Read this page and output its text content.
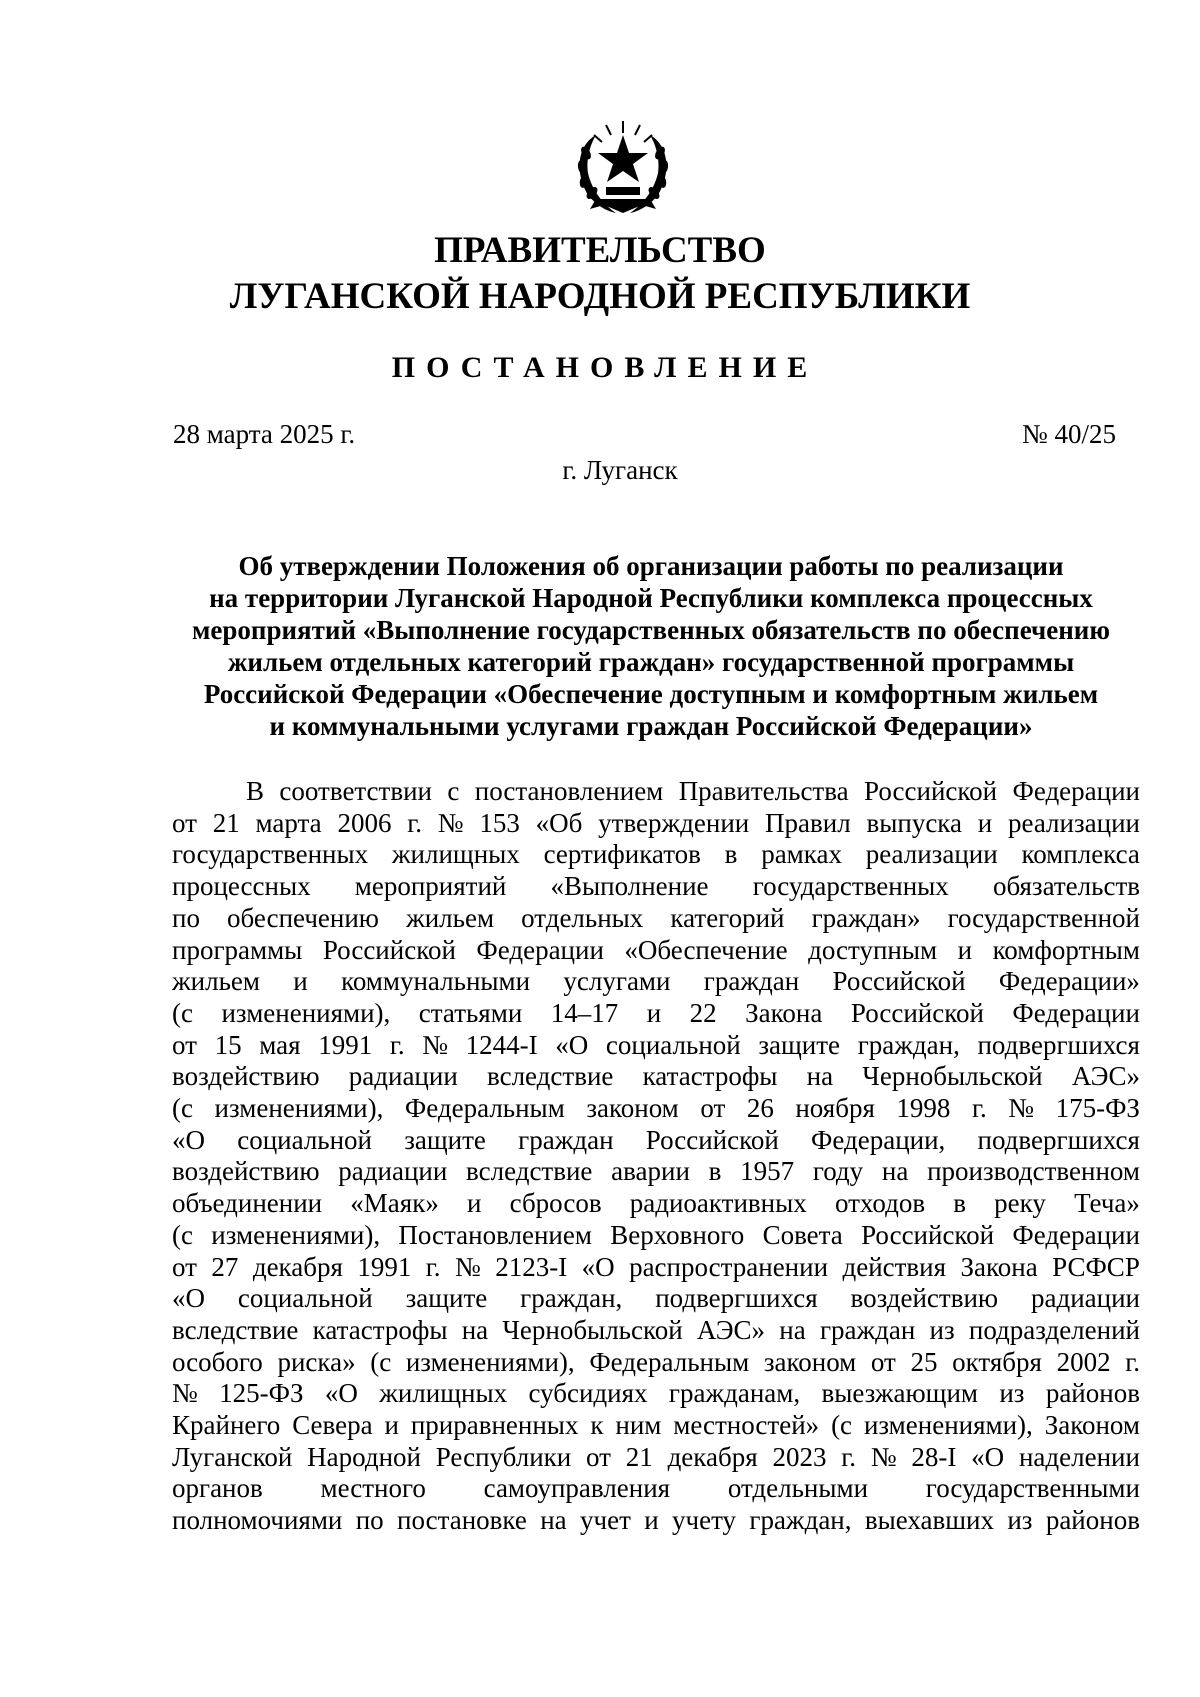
ПРАВИТЕЛЬСТВО
ЛУГАНСКОЙ НАРОДНОЙ РЕСПУБЛИКИ
ПОСТАНОВЛЕНИЕ
28 марта 2025 г.	№ 40/25
г. Луганск
Об утверждении Положения об организации работы по реализации
на территории Луганской Народной Республики комплекса процессных
мероприятий «Выполнение государственных обязательств по обеспечению
жильем отдельных категорий граждан» государственной программы
Российской Федерации «Обеспечение доступным и комфортным жильем
и коммунальными услугами граждан Российской Федерации»
В соответствии с постановлением Правительства Российской Федерации
от 21 марта 2006 г. № 153 «Об утверждении Правил выпуска и реализации
государственных жилищных сертификатов в рамках реализации комплекса
процессных мероприятий «Выполнение государственных обязательств
по обеспечению жильем отдельных категорий граждан» государственной
программы Российской Федерации «Обеспечение доступным и комфортным
жильем и коммунальными услугами граждан Российской Федерации»
(с изменениями), статьями 14–17 и 22 Закона Российской Федерации
от 15 мая 1991 г. № 1244-I «О социальной защите граждан, подвергшихся
воздействию радиации вследствие катастрофы на Чернобыльской АЭС»
(с изменениями), Федеральным законом от 26 ноября 1998 г. № 175-ФЗ
«О социальной защите граждан Российской Федерации, подвергшихся
воздействию радиации вследствие аварии в 1957 году на производственном
объединении «Маяк» и сбросов радиоактивных отходов в реку Теча»
(с изменениями), Постановлением Верховного Совета Российской Федерации
от 27 декабря 1991 г. № 2123-I «О распространении действия Закона РСФСР
«О социальной защите граждан, подвергшихся воздействию радиации
вследствие катастрофы на Чернобыльской АЭС» на граждан из подразделений
особого риска» (с изменениями), Федеральным законом от 25 октября 2002 г.
№ 125-ФЗ «О жилищных субсидиях гражданам, выезжающим из районов
Крайнего Севера и приравненных к ним местностей» (с изменениями), Законом
Луганской Народной Республики от 21 декабря 2023 г. № 28-I «О наделении
органов местного самоуправления отдельными государственными
полномочиями по постановке на учет и учету граждан, выехавших из районов
